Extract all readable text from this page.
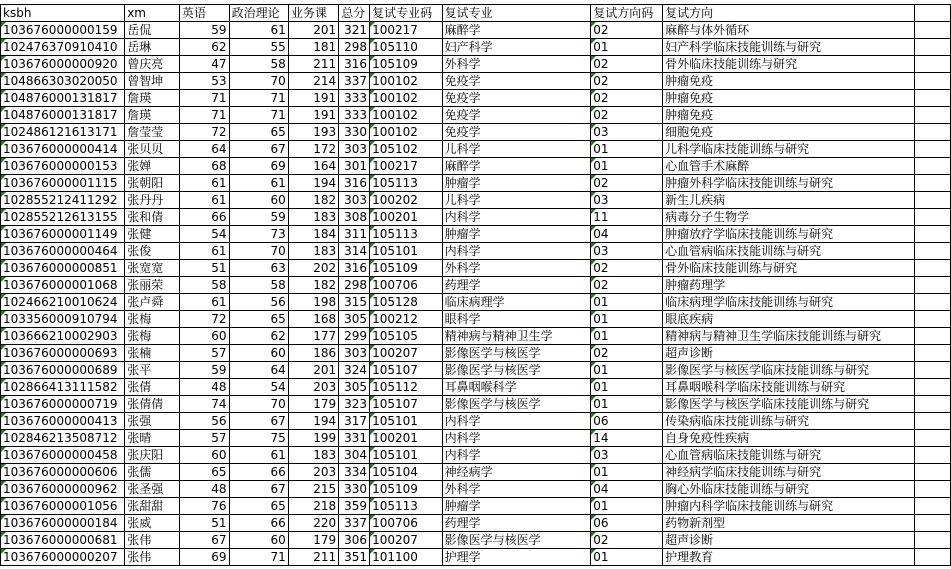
ksbh	xm	英语	政治理论	业务课	总分	复试专业码	复试专业	复试方向码	复试方向	
103676000000159	岳侃	59	61	201	321	100217	麻醉学	02	麻醉与体外循环	
102476370910410	岳琳	62	55	181	298	105110	妇产科学	01	妇产科学临床技能训练与研究	
103676000000920	曾庆亮	47	58	211	316	105109	外科学	02	骨外临床技能训练与研究	
104866303020050	曾智坤	53	70	214	337	100102	免疫学	02	肿瘤免疫	
104876000131817	詹瑛	71	71	191	333	100102	免疫学	02	肿瘤免疫	
104876000131817	詹瑛	71	71	191	333	100102	免疫学	02	肿瘤免疫	
102486121613171	詹莹莹	72	65	193	330	100102	免疫学	03	细胞免疫	
103676000000414	张贝贝	64	67	172	303	105102	儿科学	01	儿科学临床技能训练与研究	
103676000000153	张婵	68	69	164	301	100217	麻醉学	01	心血管手术麻醉	
103676000001115	张朝阳	61	61	194	316	105113	肿瘤学	02	肿瘤外科学临床技能训练与研究	
102855212411292	张丹丹	61	60	182	303	100202	儿科学	03	新生儿疾病	
102855212613155	张和倩	66	59	183	308	100201	内科学	11	病毒分子生物学	
103676000001149	张健	54	73	184	311	105113	肿瘤学	04	肿瘤放疗学临床技能训练与研究	
103676000000464	张俊	61	70	183	314	105101	内科学	03	心血管病临床技能训练与研究	
103676000000851	张宽宽	51	63	202	316	105109	外科学	02	骨外临床技能训练与研究	
103676000001068	张丽荣	58	58	182	298	100706	药理学	02	肿瘤药理学	
102466210010624	张卢舜	61	56	198	315	105128	临床病理学	01	临床病理学临床技能训练与研究	
103356000910794	张梅	72	65	168	305	100212	眼科学	01	眼底疾病	
103666210002903	张梅	60	62	177	299	105105	精神病与精神卫生学	01	精神病与精神卫生学临床技能训练与研究	
103676000000693	张楠	57	60	186	303	100207	影像医学与核医学	02	超声诊断	
103676000000689	张平	59	64	201	324	105107	影像医学与核医学	01	影像医学与核医学临床技能训练与研究	
102866413111582	张倩	48	54	203	305	105112	耳鼻咽喉科学	01	耳鼻咽喉科学临床技能训练与研究	
103676000000719	张倩倩	74	70	179	323	105107	影像医学与核医学	01	影像医学与核医学临床技能训练与研究	
103676000000413	张强	56	67	194	317	105101	内科学	06	传染病临床技能训练与研究	
102846213508712	张晴	57	75	199	331	100201	内科学	14	自身免疫性疾病	
103676000000458	张庆阳	60	61	183	304	105101	内科学	03	心血管病临床技能训练与研究	
103676000000606	张儒	65	66	203	334	105104	神经病学	01	神经病学临床技能训练与研究	
103676000000962	张圣强	48	67	215	330	105109	外科学	04	胸心外临床技能训练与研究	
103676000001056	张甜甜	76	65	218	359	105113	肿瘤学	01	肿瘤内科学临床技能训练与研究	
103676000000184	张威	51	66	220	337	100706	药理学	06	药物新剂型	
103676000000681	张伟	67	60	179	306	100207	影像医学与核医学	02	超声诊断	
103676000000207	张伟	69	71	211	351	101100	护理学	01	护理教育	
